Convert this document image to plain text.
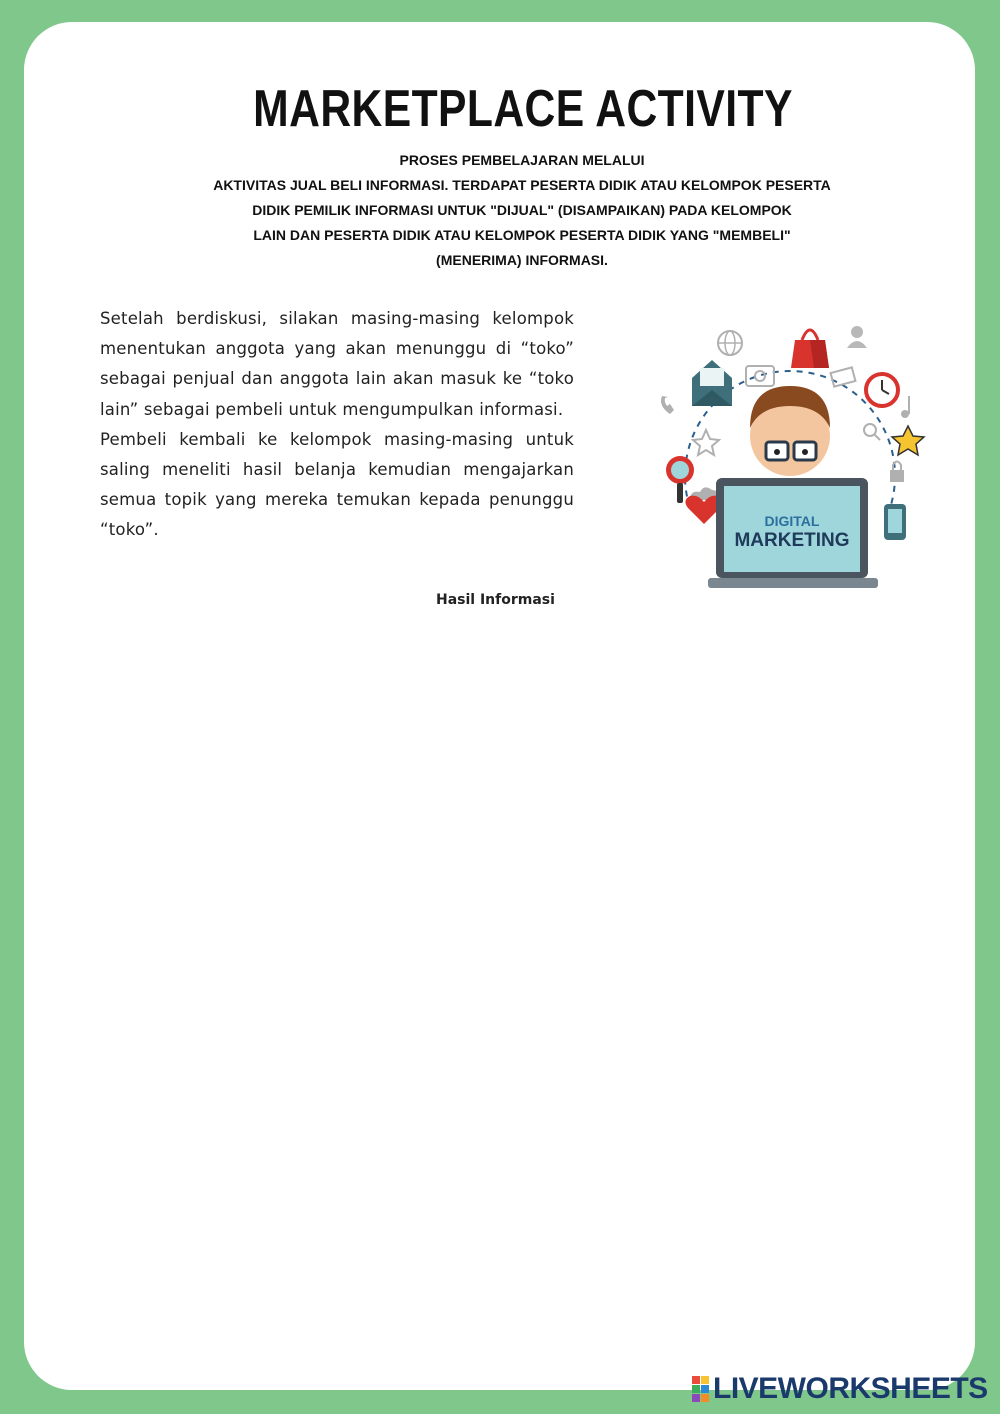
MARKETPLACE ACTIVITY
PROSES PEMBELAJARAN MELALUI
AKTIVITAS JUAL BELI INFORMASI. TERDAPAT PESERTA DIDIK ATAU KELOMPOK PESERTA
DIDIK PEMILIK INFORMASI UNTUK "DIJUAL" (DISAMPAIKAN) PADA KELOMPOK
LAIN DAN PESERTA DIDIK ATAU KELOMPOK PESERTA DIDIK YANG "MEMBELI"
(MENERIMA) INFORMASI.

Setelah berdiskusi, silakan masing-masing kelompok menentukan anggota yang akan menunggu di “toko” sebagai penjual dan anggota lain akan masuk ke “toko lain” sebagai pembeli untuk mengumpulkan informasi.

Pembeli kembali ke kelompok masing-masing untuk saling meneliti hasil belanja kemudian mengajarkan semua topik yang mereka temukan kepada penunggu “toko”.

Hasil Informasi
DIGITAL
MARKETING
LIVEWORKSHEETS
